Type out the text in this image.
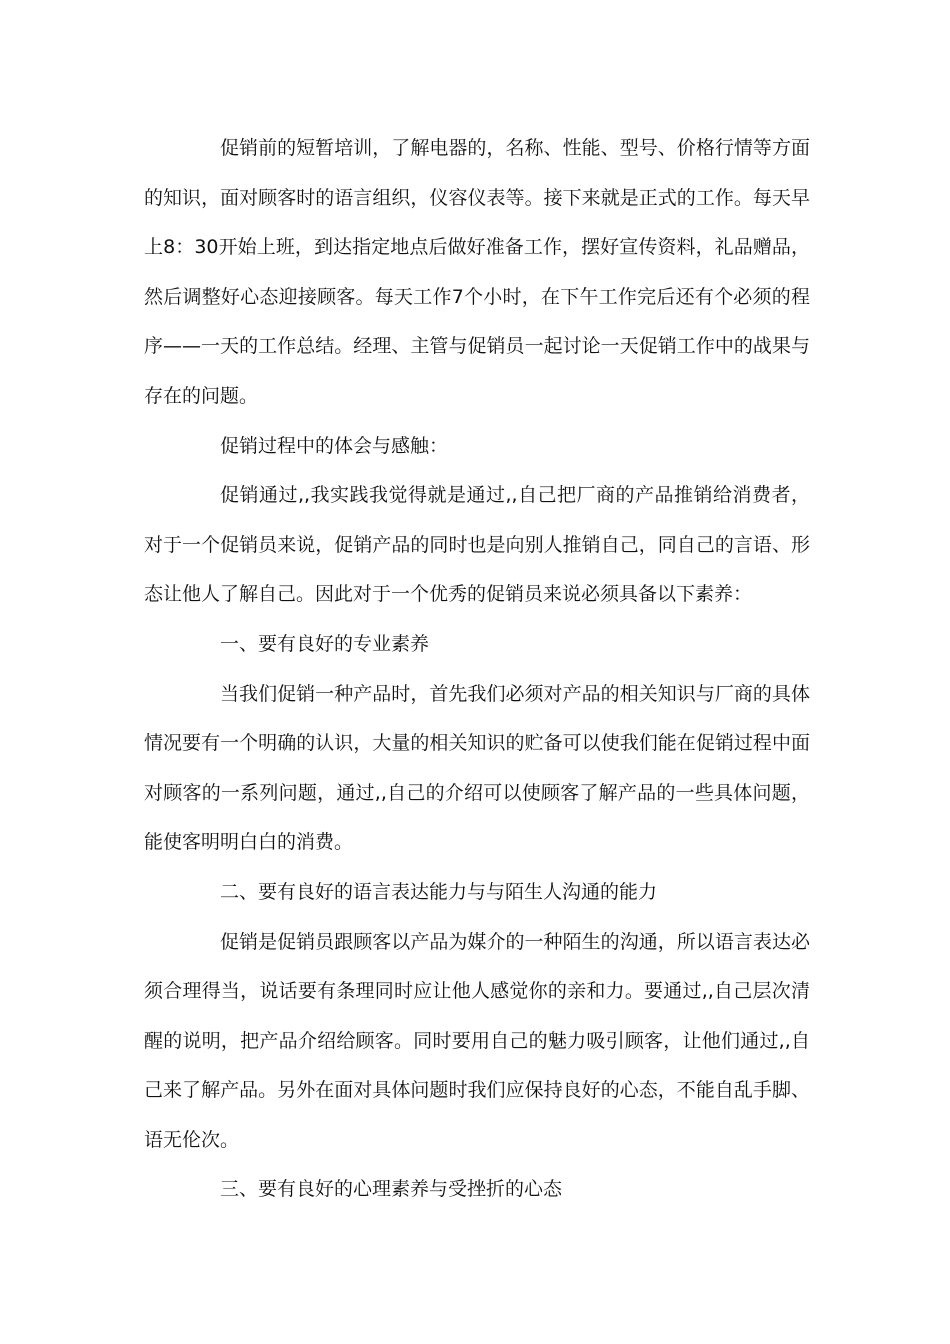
促销前的短暂培训，了解电器的，名称、性能、型号、价格行情等方面的知识，面对顾客时的语言组织，仪容仪表等。接下来就是正式的工作。每天早上8：30开始上班，到达指定地点后做好准备工作，摆好宣传资料，礼品赠品，然后调整好心态迎接顾客。每天工作7个小时，在下午工作完后还有个必须的程序——一天的工作总结。经理、主管与促销员一起讨论一天促销工作中的战果与存在的问题。

促销过程中的体会与感触：

促销通过,,我实践我觉得就是通过,,自己把厂商的产品推销给消费者，对于一个促销员来说，促销产品的同时也是向别人推销自己，同自己的言语、形态让他人了解自己。因此对于一个优秀的促销员来说必须具备以下素养：

一、要有良好的专业素养

当我们促销一种产品时，首先我们必须对产品的相关知识与厂商的具体情况要有一个明确的认识，大量的相关知识的贮备可以使我们能在促销过程中面对顾客的一系列问题，通过,,自己的介绍可以使顾客了解产品的一些具体问题，能使客明明白白的消费。

二、要有良好的语言表达能力与与陌生人沟通的能力

促销是促销员跟顾客以产品为媒介的一种陌生的沟通，所以语言表达必须合理得当，说话要有条理同时应让他人感觉你的亲和力。要通过,,自己层次清醒的说明，把产品介绍给顾客。同时要用自己的魅力吸引顾客，让他们通过,,自己来了解产品。另外在面对具体问题时我们应保持良好的心态，不能自乱手脚、语无伦次。

三、要有良好的心理素养与受挫折的心态
